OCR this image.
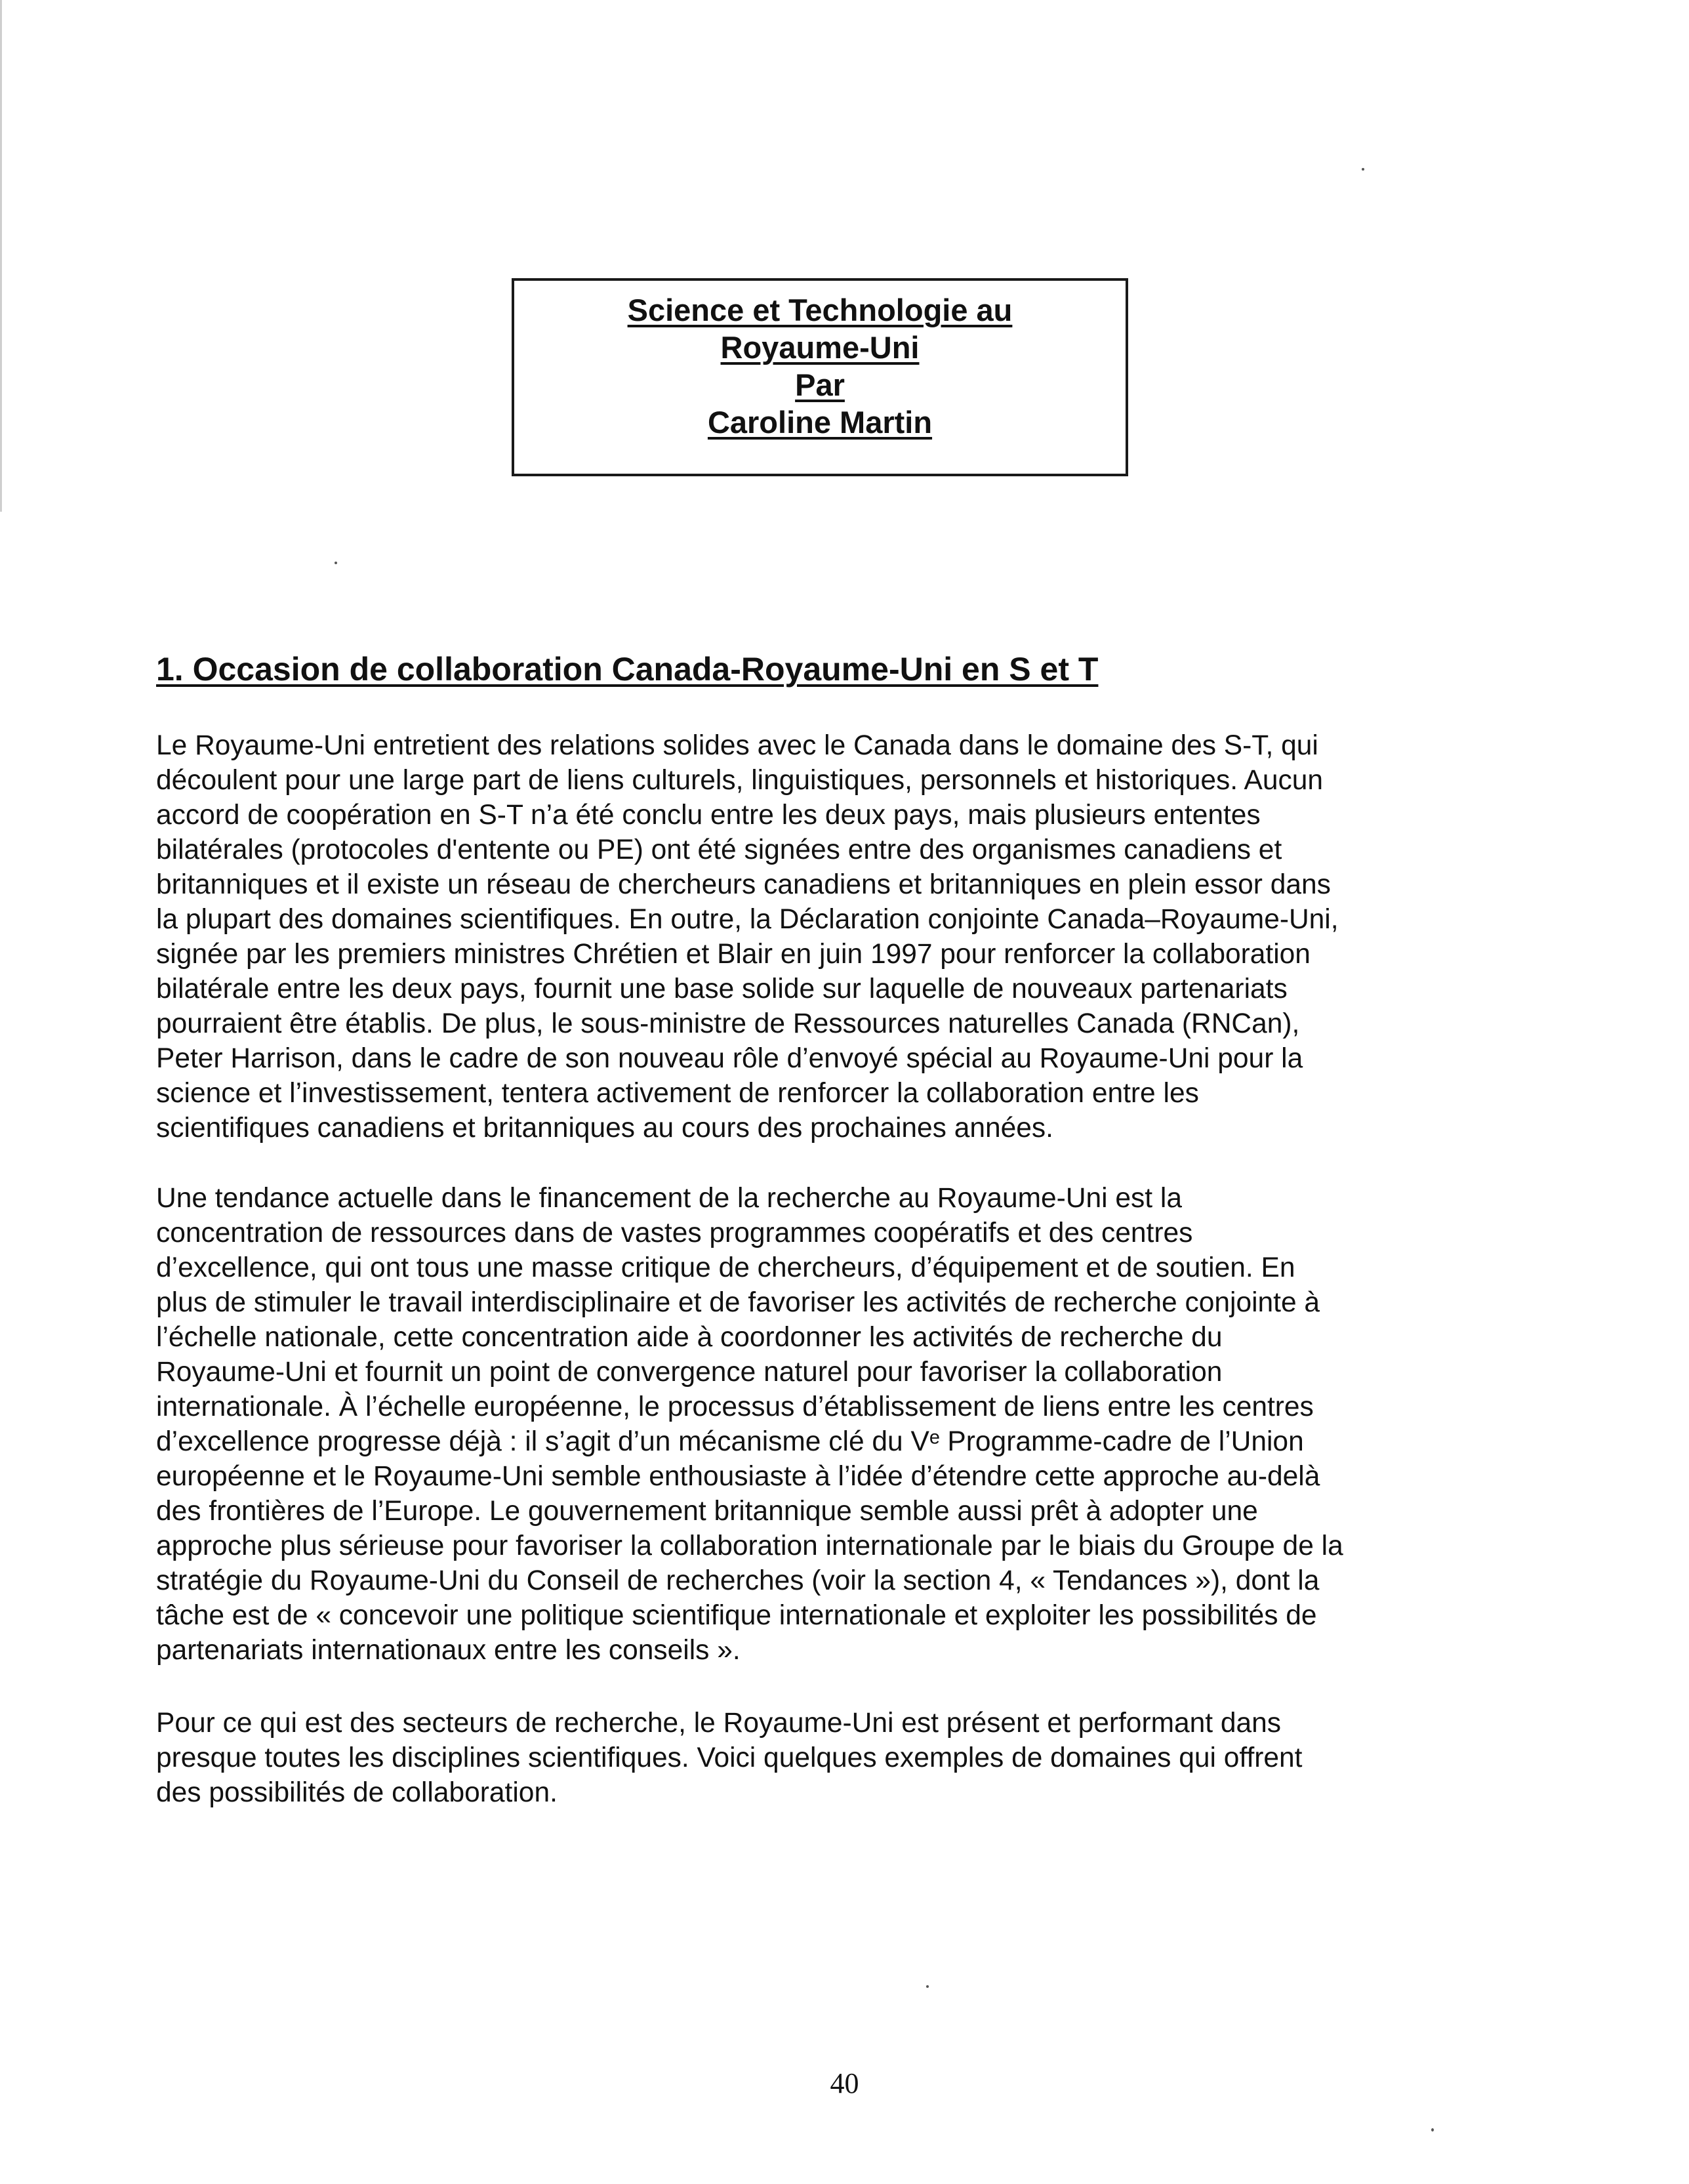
Science et Technologie au
Royaume-Uni
Par
Caroline Martin
1. Occasion de collaboration Canada-Royaume-Uni en S et T
Le Royaume-Uni entretient des relations solides avec le Canada dans le domaine des S-T, qui
découlent pour une large part de liens culturels, linguistiques, personnels et historiques. Aucun
accord de coopération en S-T n’a été conclu entre les deux pays, mais plusieurs ententes
bilatérales (protocoles d'entente ou PE) ont été signées entre des organismes canadiens et
britanniques et il existe un réseau de chercheurs canadiens et britanniques en plein essor dans
la plupart des domaines scientifiques. En outre, la Déclaration conjointe Canada–Royaume-Uni,
signée par les premiers ministres Chrétien et Blair en juin 1997 pour renforcer la collaboration
bilatérale entre les deux pays, fournit une base solide sur laquelle de nouveaux partenariats
pourraient être établis. De plus, le sous-ministre de Ressources naturelles Canada (RNCan),
Peter Harrison, dans le cadre de son nouveau rôle d’envoyé spécial au Royaume-Uni pour la
science et l’investissement, tentera activement de renforcer la collaboration entre les
scientifiques canadiens et britanniques au cours des prochaines années.
Une tendance actuelle dans le financement de la recherche au Royaume-Uni est la
concentration de ressources dans de vastes programmes coopératifs et des centres
d’excellence, qui ont tous une masse critique de chercheurs, d’équipement et de soutien. En
plus de stimuler le travail interdisciplinaire et de favoriser les activités de recherche conjointe à
l’échelle nationale, cette concentration aide à coordonner les activités de recherche du
Royaume-Uni et fournit un point de convergence naturel pour favoriser la collaboration
internationale. À l’échelle européenne, le processus d’établissement de liens entre les centres
d’excellence progresse déjà : il s’agit d’un mécanisme clé du Vᵉ Programme-cadre de l’Union
européenne et le Royaume-Uni semble enthousiaste à l’idée d’étendre cette approche au-delà
des frontières de l’Europe. Le gouvernement britannique semble aussi prêt à adopter une
approche plus sérieuse pour favoriser la collaboration internationale par le biais du Groupe de la
stratégie du Royaume-Uni du Conseil de recherches (voir la section 4, « Tendances »), dont la
tâche est de « concevoir une politique scientifique internationale et exploiter les possibilités de
partenariats internationaux entre les conseils ».
Pour ce qui est des secteurs de recherche, le Royaume-Uni est présent et performant dans
presque toutes les disciplines scientifiques. Voici quelques exemples de domaines qui offrent
des possibilités de collaboration.
40
